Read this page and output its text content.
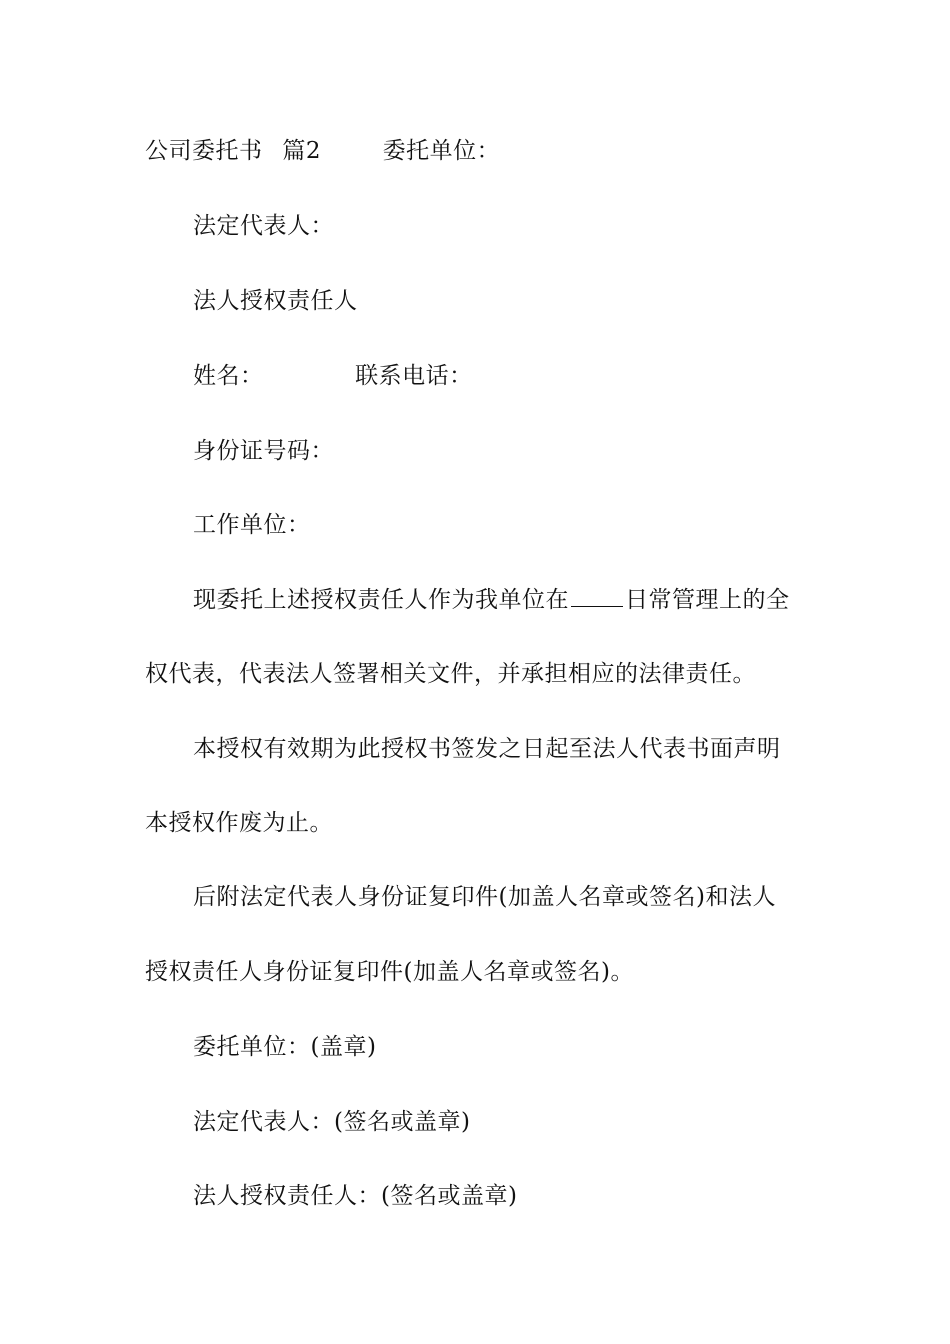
公司委托书 篇2	委托单位：
法定代表人：
法人授权责任人
姓名：	联系电话：
身份证号码：
工作单位：
现委托上述授权责任人作为我单位在 日常管理上的全
权代表，代表法人签署相关文件，并承担相应的法律责任。
本授权有效期为此授权书签发之日起至法人代表书面声明
本授权作废为止。
后附法定代表人身份证复印件(加盖人名章或签名)和法人
授权责任人身份证复印件(加盖人名章或签名)。
委托单位：(盖章)
法定代表人：(签名或盖章)
法人授权责任人：(签名或盖章)
